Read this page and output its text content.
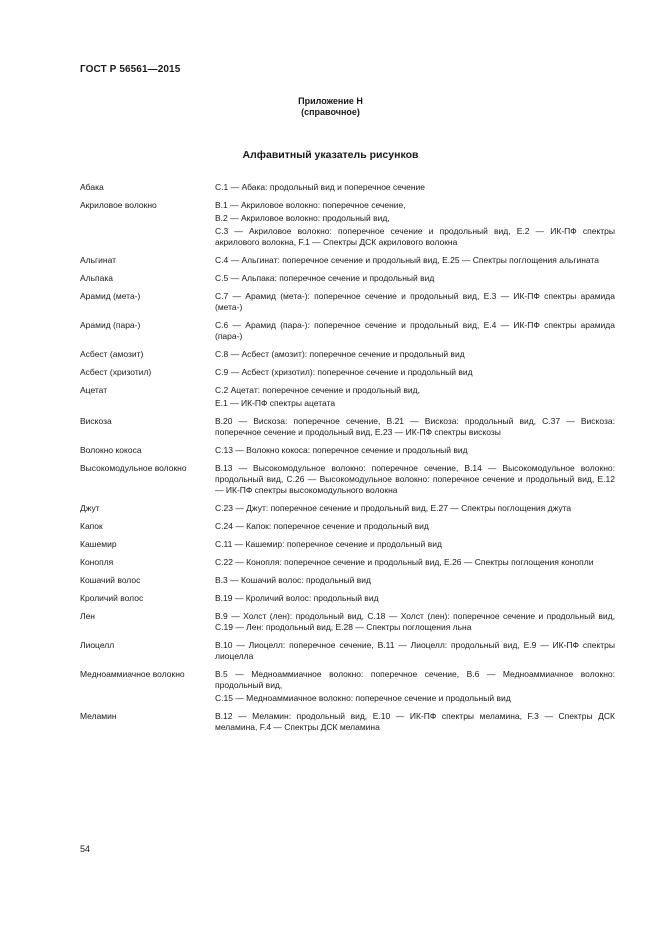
ГОСТ Р 56561—2015
Приложение Н
(справочное)
Алфавитный указатель рисунков
Абака	С.1 — Абака: продольный вид и поперечное сечение
Акриловое волокно	В.1 — Акриловое волокно: поперечное сечение,
В.2 — Акриловое волокно: продольный вид,
С.3 — Акриловое волокно: поперечное сечение и продольный вид, Е.2 — ИК-ПФ спектры акрилового волокна, F.1 — Спектры ДСК акрилового волокна
Альгинат	С.4 — Альгинат: поперечное сечение и продольный вид, Е.25 — Спектры поглощения альгината
Альпака	С.5 — Альпака: поперечное сечение и продольный вид
Арамид (мета-)	С.7 — Арамид (мета-): поперечное сечение и продольный вид, Е.3 — ИК-ПФ спектры арамида (мета-)
Арамид (пара-)	С.6 — Арамид (пара-): поперечное сечение и продольный вид, Е.4 — ИК-ПФ спектры арамида (пара-)
Асбест (амозит)	С.8 — Асбест (амозит): поперечное сечение и продольный вид
Асбест (хризотил)	С.9 — Асбест (хризотил): поперечное сечение и продольный вид
Ацетат	С.2 Ацетат: поперечное сечение и продольный вид,
Е.1 — ИК-ПФ спектры ацетата
Вискоза	В.20 — Вискоза: поперечное сечение, В.21 — Вискоза: продольный вид, С.37 — Вискоза: поперечное сечение и продольный вид, Е.23 — ИК-ПФ спектры вискозы
Волокно кокоса	С.13 — Волокно кокоса: поперечное сечение и продольный вид
Высокомодульное волокно	В.13 — Высокомодульное волокно: поперечное сечение, В.14 — Высокомодульное волокно: продольный вид, С.26 — Высокомодульное волокно: поперечное сечение и продольный вид, Е.12 — ИК-ПФ спектры высокомодульного волокна
Джут	С.23 — Джут: поперечное сечение и продольный вид, Е.27 — Спектры поглощения джута
Капок	С.24 — Капок: поперечное сечение и продольный вид
Кашемир	С.11 — Кашемир: поперечное сечение и продольный вид
Конопля	С.22 — Конопля: поперечное сечение и продольный вид, Е.26 — Спектры поглощения конопли
Кошачий волос	В.3 — Кошачий волос: продольный вид
Кроличий волос	В.19 — Кроличий волос: продольный вид
Лен	В.9 — Холст (лен): продольный вид, С.18 — Холст (лен): поперечное сечение и продольный вид, С.19 — Лен: продольный вид, Е.28 — Спектры поглощения льна
Лиоцелл	В.10 — Лиоцелл: поперечное сечение, В.11 — Лиоцелл: продольный вид, Е.9 — ИК-ПФ спектры лиоцелла
Медноаммиачное волокно	В.5 — Медноаммиачное волокно: поперечное сечение, В.6 — Медноаммиачное волокно: продольный вид,
С.15 — Медноаммиачное волокно: поперечное сечение и продольный вид
Меламин	В.12 — Меламин: продольный вид, Е.10 — ИК-ПФ спектры меламина, F.3 — Спектры ДСК меламина, F.4 — Спектры ДСК меламина
54
